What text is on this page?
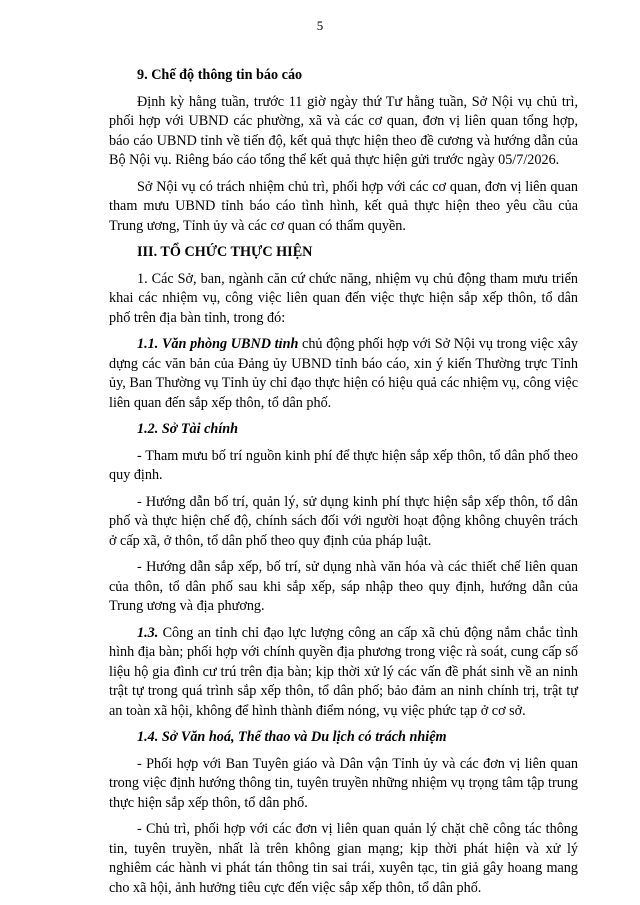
5

9. Chế độ thông tin báo cáo

Định kỳ hằng tuần, trước 11 giờ ngày thứ Tư hằng tuần, Sở Nội vụ chủ trì, phối hợp với UBND các phường, xã và các cơ quan, đơn vị liên quan tổng hợp, báo cáo UBND tỉnh về tiến độ, kết quả thực hiện theo đề cương và hướng dẫn của Bộ Nội vụ. Riêng báo cáo tổng thể kết quả thực hiện gửi trước ngày 05/7/2026.

Sở Nội vụ có trách nhiệm chủ trì, phối hợp với các cơ quan, đơn vị liên quan tham mưu UBND tỉnh báo cáo tình hình, kết quả thực hiện theo yêu cầu của Trung ương, Tỉnh ủy và các cơ quan có thẩm quyền.

III. TỔ CHỨC THỰC HIỆN

1. Các Sở, ban, ngành căn cứ chức năng, nhiệm vụ chủ động tham mưu triển khai các nhiệm vụ, công việc liên quan đến việc thực hiện sắp xếp thôn, tổ dân phố trên địa bàn tỉnh, trong đó:

1.1. Văn phòng UBND tỉnh chủ động phối hợp với Sở Nội vụ trong việc xây dựng các văn bản của Đảng ủy UBND tỉnh báo cáo, xin ý kiến Thường trực Tỉnh ủy, Ban Thường vụ Tỉnh ủy chỉ đạo thực hiện có hiệu quả các nhiệm vụ, công việc liên quan đến sắp xếp thôn, tổ dân phố.

1.2. Sở Tài chính

- Tham mưu bố trí nguồn kinh phí để thực hiện sắp xếp thôn, tổ dân phố theo quy định.

- Hướng dẫn bố trí, quản lý, sử dụng kinh phí thực hiện sắp xếp thôn, tổ dân phố và thực hiện chế độ, chính sách đối với người hoạt động không chuyên trách ở cấp xã, ở thôn, tổ dân phố theo quy định của pháp luật.

- Hướng dẫn sắp xếp, bố trí, sử dụng nhà văn hóa và các thiết chế liên quan của thôn, tổ dân phố sau khi sắp xếp, sáp nhập theo quy định, hướng dẫn của Trung ương và địa phương.

1.3. Công an tỉnh chỉ đạo lực lượng công an cấp xã chủ động nắm chắc tình hình địa bàn; phối hợp với chính quyền địa phương trong việc rà soát, cung cấp số liệu hộ gia đình cư trú trên địa bàn; kịp thời xử lý các vấn đề phát sinh về an ninh trật tự trong quá trình sắp xếp thôn, tổ dân phố; bảo đảm an ninh chính trị, trật tự an toàn xã hội, không để hình thành điểm nóng, vụ việc phức tạp ở cơ sở.

1.4. Sở Văn hoá, Thể thao và Du lịch có trách nhiệm

- Phối hợp với Ban Tuyên giáo và Dân vận Tỉnh ủy và các đơn vị liên quan trong việc định hướng thông tin, tuyên truyền những nhiệm vụ trọng tâm tập trung thực hiện sắp xếp thôn, tổ dân phố.

- Chủ trì, phối hợp với các đơn vị liên quan quản lý chặt chẽ công tác thông tin, tuyên truyền, nhất là trên không gian mạng; kịp thời phát hiện và xử lý nghiêm các hành vi phát tán thông tin sai trái, xuyên tạc, tin giả gây hoang mang cho xã hội, ảnh hưởng tiêu cực đến việc sắp xếp thôn, tổ dân phố.
